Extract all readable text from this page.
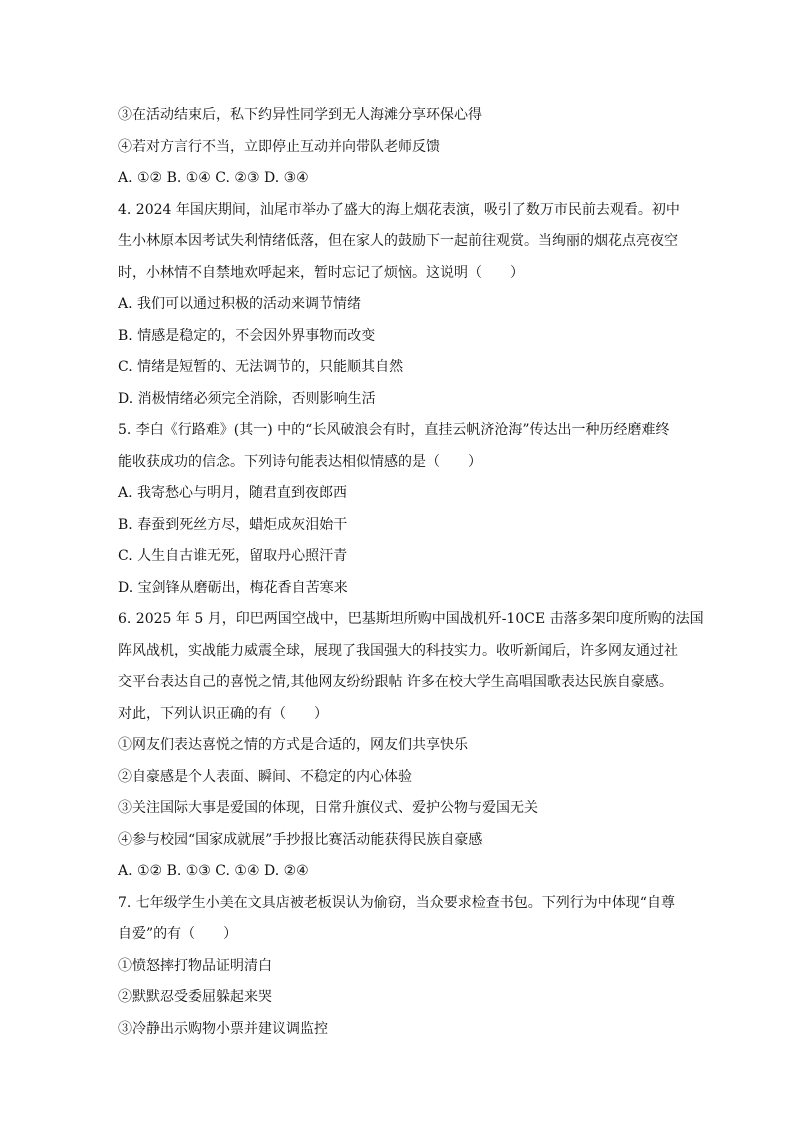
③在活动结束后，私下约异性同学到无人海滩分享环保心得
④若对方言行不当，立即停止互动并向带队老师反馈
A. ①② B. ①④ C. ②③ D. ③④
4. 2024 年国庆期间，汕尾市举办了盛大的海上烟花表演，吸引了数万市民前去观看。初中
生小林原本因考试失利情绪低落，但在家人的鼓励下一起前往观赏。当绚丽的烟花点亮夜空
时，小林情不自禁地欢呼起来，暂时忘记了烦恼。这说明（　　）
A. 我们可以通过积极的活动来调节情绪
B. 情感是稳定的，不会因外界事物而改变
C. 情绪是短暂的、无法调节的，只能顺其自然
D. 消极情绪必须完全消除，否则影响生活
5. 李白《行路难》(其一) 中的“长风破浪会有时，直挂云帆济沧海”传达出一种历经磨难终
能收获成功的信念。下列诗句能表达相似情感的是（　　）
A. 我寄愁心与明月，随君直到夜郎西
B. 春蚕到死丝方尽，蜡炬成灰泪始干
C. 人生自古谁无死，留取丹心照汗青
D. 宝剑锋从磨砺出，梅花香自苦寒来
6. 2025 年 5 月，印巴两国空战中，巴基斯坦所购中国战机歼-10CE 击落多架印度所购的法国
阵风战机，实战能力威震全球，展现了我国强大的科技实力。收听新闻后，许多网友通过社
交平台表达自己的喜悦之情,其他网友纷纷跟帖 许多在校大学生高唱国歌表达民族自豪感。
对此，下列认识正确的有（　　）
①网友们表达喜悦之情的方式是合适的，网友们共享快乐
②自豪感是个人表面、瞬间、不稳定的内心体验
③关注国际大事是爱国的体现，日常升旗仪式、爱护公物与爱国无关
④参与校园“国家成就展”手抄报比赛活动能获得民族自豪感
A. ①② B. ①③ C. ①④ D. ②④
7. 七年级学生小美在文具店被老板误认为偷窃，当众要求检查书包。下列行为中体现“自尊
自爱”的有（　　）
①愤怒摔打物品证明清白
②默默忍受委屈躲起来哭
③冷静出示购物小票并建议调监控
